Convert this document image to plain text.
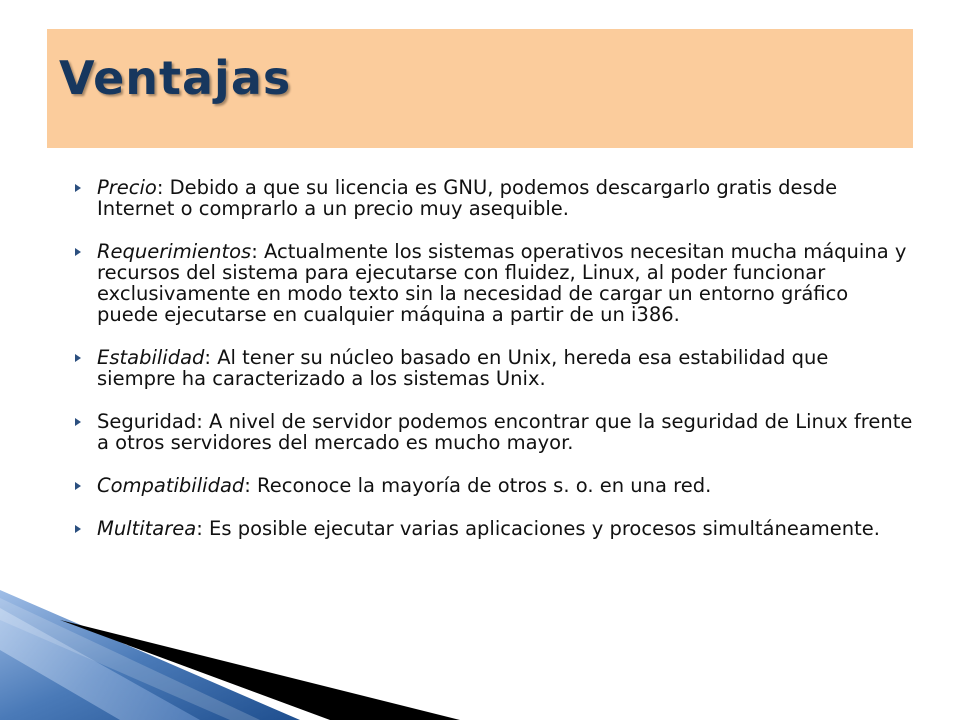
Ventajas
Precio: Debido a que su licencia es GNU, podemos descargarlo gratis desde Internet o comprarlo a un precio muy asequible.
Requerimientos: Actualmente los sistemas operativos necesitan mucha máquina y recursos del sistema para ejecutarse con fluidez, Linux, al poder funcionar exclusivamente en modo texto sin la necesidad de cargar un entorno gráfico puede ejecutarse en cualquier máquina a partir de un i386.
Estabilidad: Al tener su núcleo basado en Unix, hereda esa estabilidad que siempre ha caracterizado a los sistemas Unix.
Seguridad: A nivel de servidor podemos encontrar que la seguridad de Linux frente a otros servidores del mercado es mucho mayor.
Compatibilidad: Reconoce la mayoría de otros s. o. en una red.
Multitarea: Es posible ejecutar varias aplicaciones y procesos simultáneamente.
